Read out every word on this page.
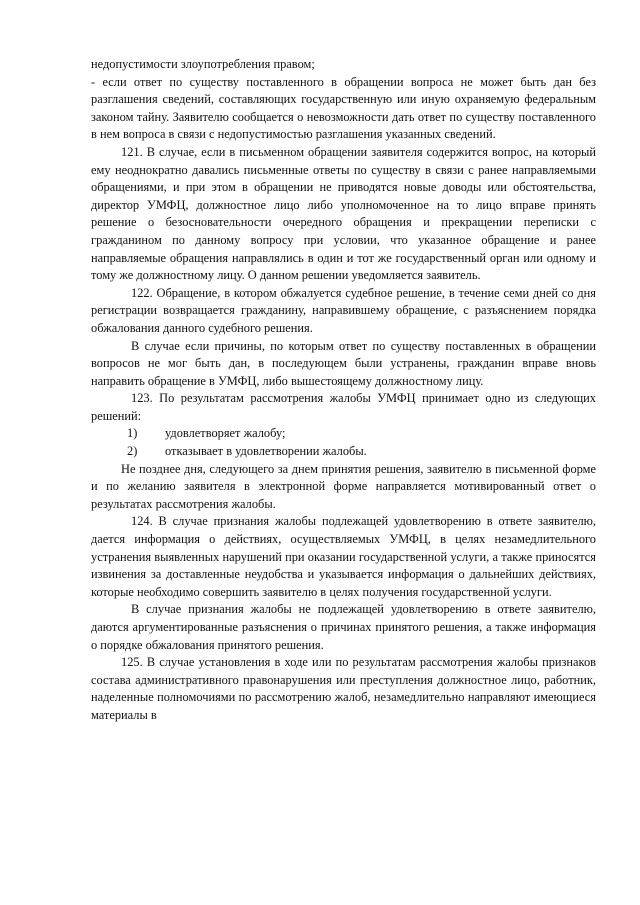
недопустимости злоупотребления правом;

- если ответ по существу поставленного в обращении вопроса не может быть дан без разглашения сведений, составляющих государственную или иную охраняемую федеральным законом тайну. Заявителю сообщается о невозможности дать ответ по существу поставленного в нем вопроса в связи с недопустимостью разглашения указанных сведений.

121. В случае, если в письменном обращении заявителя содержится вопрос, на который ему неоднократно давались письменные ответы по существу в связи с ранее направляемыми обращениями, и при этом в обращении не приводятся новые доводы или обстоятельства, директор УМФЦ, должностное лицо либо уполномоченное на то лицо вправе принять решение о безосновательности очередного обращения и прекращении переписки с гражданином по данному вопросу при условии, что указанное обращение и ранее направляемые обращения направлялись в один и тот же государственный орган или одному и тому же должностному лицу. О данном решении уведомляется заявитель.

122. Обращение, в котором обжалуется судебное решение, в течение семи дней со дня регистрации возвращается гражданину, направившему обращение, с разъяснением порядка обжалования данного судебного решения.

В случае если причины, по которым ответ по существу поставленных в обращении вопросов не мог быть дан, в последующем были устранены, гражданин вправе вновь направить обращение в УМФЦ, либо вышестоящему должностному лицу.

123. По результатам рассмотрения жалобы УМФЦ принимает одно из следующих решений:

1) удовлетворяет жалобу;

2) отказывает в удовлетворении жалобы.

Не позднее дня, следующего за днем принятия решения, заявителю в письменной форме и по желанию заявителя в электронной форме направляется мотивированный ответ о результатах рассмотрения жалобы.

124. В случае признания жалобы подлежащей удовлетворению в ответе заявителю, дается информация о действиях, осуществляемых УМФЦ, в целях незамедлительного устранения выявленных нарушений при оказании государственной услуги, а также приносятся извинения за доставленные неудобства и указывается информация о дальнейших действиях, которые необходимо совершить заявителю в целях получения государственной услуги.

В случае признания жалобы не подлежащей удовлетворению в ответе заявителю, даются аргументированные разъяснения о причинах принятого решения, а также информация о порядке обжалования принятого решения.

125. В случае установления в ходе или по результатам рассмотрения жалобы признаков состава административного правонарушения или преступления должностное лицо, работник, наделенные полномочиями по рассмотрению жалоб, незамедлительно направляют имеющиеся материалы в
